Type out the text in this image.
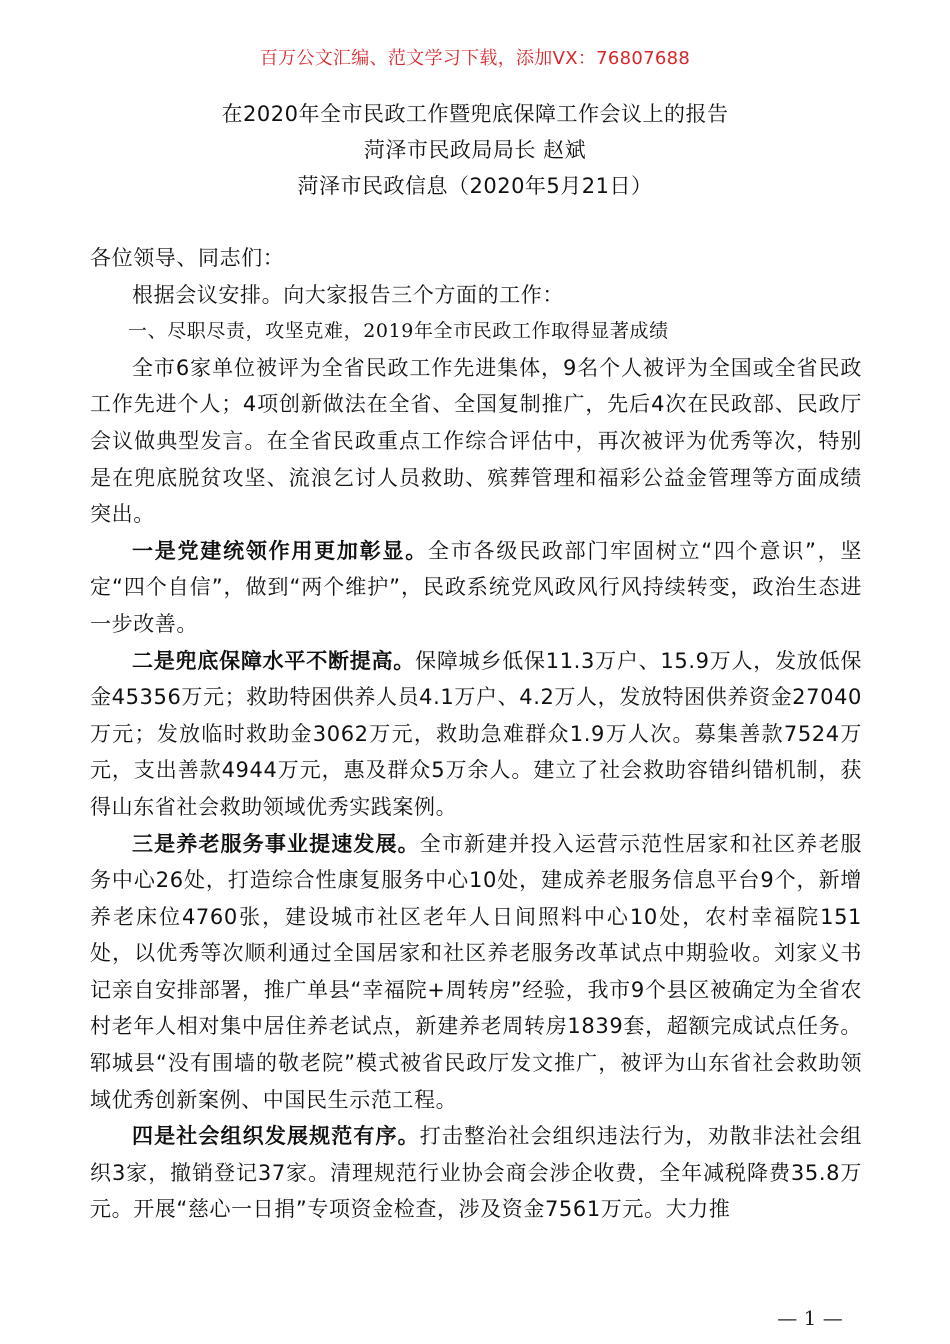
百万公文汇编、范文学习下载，添加VX：76807688
在2020年全市民政工作暨兜底保障工作会议上的报告
菏泽市民政局局长 赵斌
菏泽市民政信息（2020年5月21日）

各位领导、同志们：

根据会议安排。向大家报告三个方面的工作：

一、尽职尽责，攻坚克难，2019年全市民政工作取得显著成绩

全市6家单位被评为全省民政工作先进集体，9名个人被评为全国或全省民政工作先进个人；4项创新做法在全省、全国复制推广，先后4次在民政部、民政厅会议做典型发言。在全省民政重点工作综合评估中，再次被评为优秀等次，特别是在兜底脱贫攻坚、流浪乞讨人员救助、殡葬管理和福彩公益金管理等方面成绩突出。

一是党建统领作用更加彰显。全市各级民政部门牢固树立“四个意识”，坚定“四个自信”，做到“两个维护”，民政系统党风政风行风持续转变，政治生态进一步改善。

二是兜底保障水平不断提高。保障城乡低保11.3万户、15.9万人，发放低保金45356万元；救助特困供养人员4.1万户、4.2万人，发放特困供养资金27040万元；发放临时救助金3062万元，救助急难群众1.9万人次。募集善款7524万元，支出善款4944万元，惠及群众5万余人。建立了社会救助容错纠错机制，获得山东省社会救助领域优秀实践案例。

三是养老服务事业提速发展。全市新建并投入运营示范性居家和社区养老服务中心26处，打造综合性康复服务中心10处，建成养老服务信息平台9个，新增养老床位4760张，建设城市社区老年人日间照料中心10处，农村幸福院151处，以优秀等次顺利通过全国居家和社区养老服务改革试点中期验收。刘家义书记亲自安排部署，推广单县“幸福院+周转房”经验，我市9个县区被确定为全省农村老年人相对集中居住养老试点，新建养老周转房1839套，超额完成试点任务。郓城县“没有围墙的敬老院”模式被省民政厅发文推广，被评为山东省社会救助领域优秀创新案例、中国民生示范工程。

四是社会组织发展规范有序。打击整治社会组织违法行为，劝散非法社会组织3家，撤销登记37家。清理规范行业协会商会涉企收费，全年减税降费35.8万元。开展“慈心一日捐”专项资金检查，涉及资金7561万元。大力推

— 1 —
